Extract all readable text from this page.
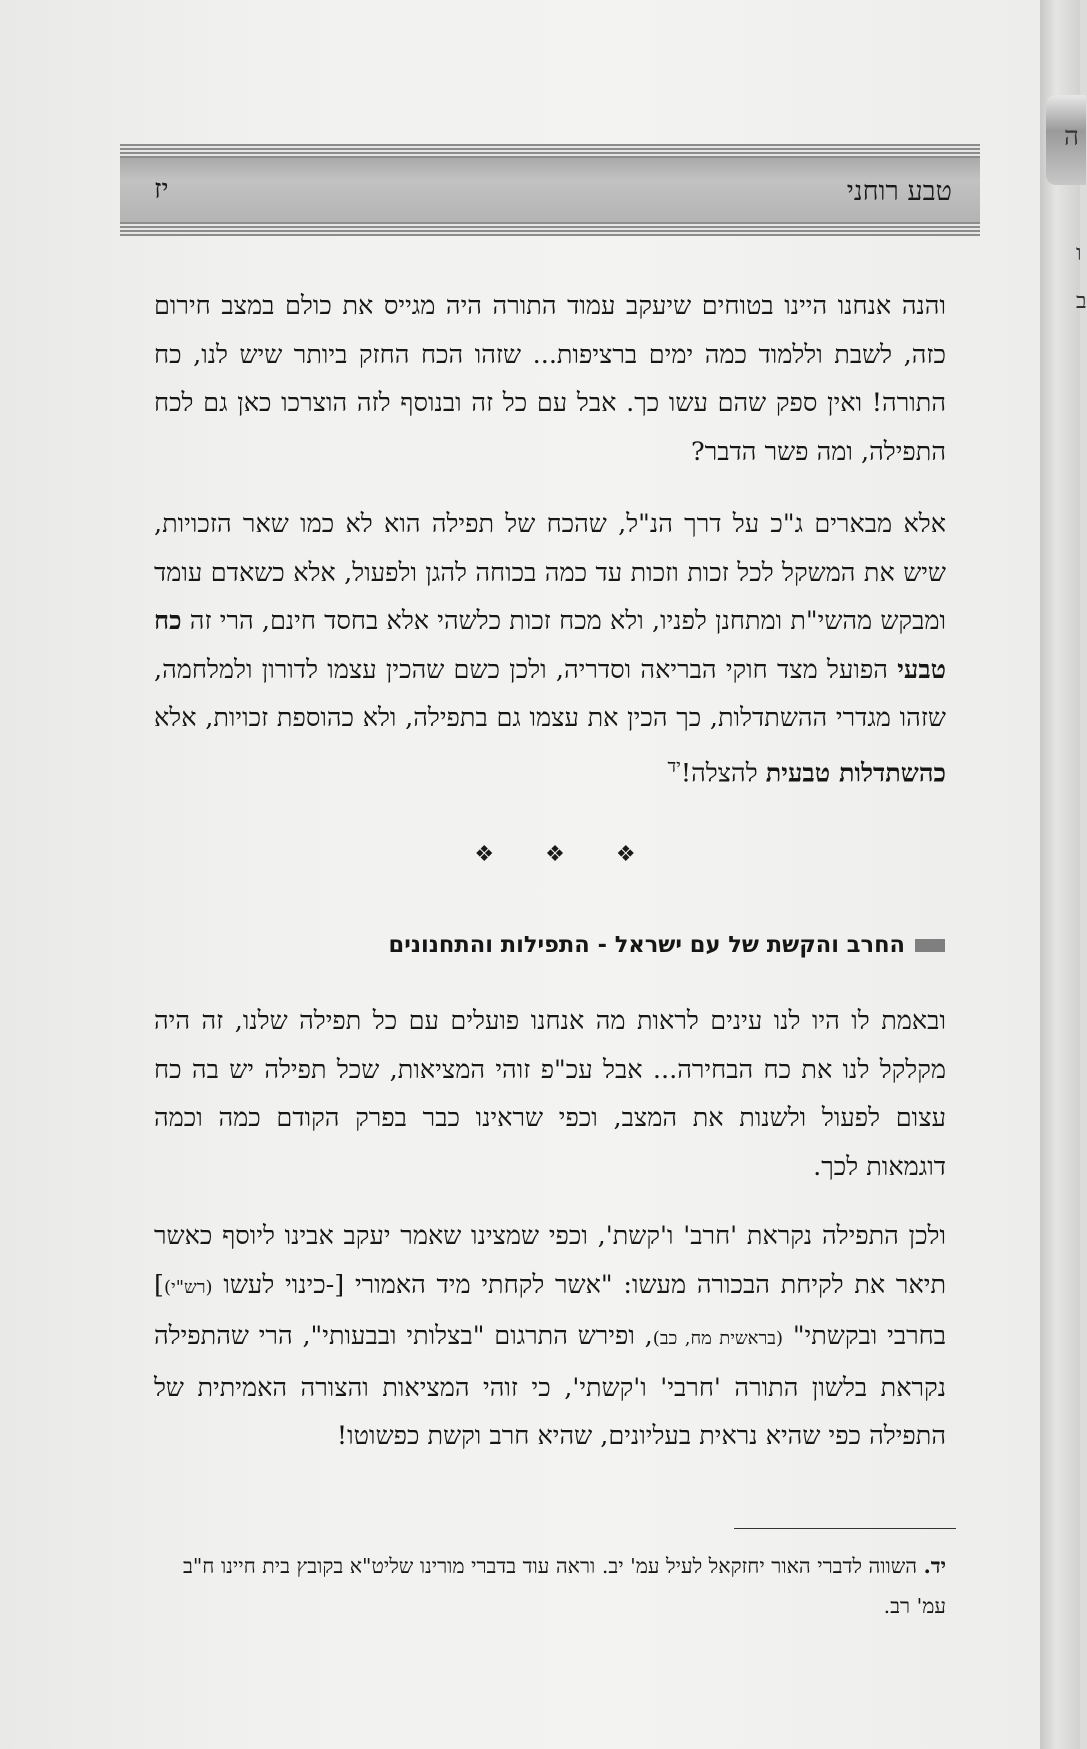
טבע רוחני
יז
והנה אנחנו היינו בטוחים שיעקב עמוד התורה היה מגייס את כולם במצב חירום כזה, לשבת וללמוד כמה ימים ברציפות... שזהו הכח החזק ביותר שיש לנו, כח התורה! ואין ספק שהם עשו כך. אבל עם כל זה ובנוסף לזה הוצרכו כאן גם לכח התפילה, ומה פשר הדבר?
אלא מבארים ג"כ על דרך הנ"ל, שהכח של תפילה הוא לא כמו שאר הזכויות, שיש את המשקל לכל זכות וזכות עד כמה בכוחה להגן ולפעול, אלא כשאדם עומד ומבקש מהשי"ת ומתחנן לפניו, ולא מכח זכות כלשהי אלא בחסד חינם, הרי זה כח טבעי הפועל מצד חוקי הבריאה וסדריה, ולכן כשם שהכין עצמו לדורון ולמלחמה, שזהו מגדרי ההשתדלות, כך הכין את עצמו גם בתפילה, ולא כהוספת זכויות, אלא כהשתדלות טבעית להצלה!$^{יד}$
❖ ❖ ❖
החרב והקשת של עם ישראל - התפילות והתחנונים
ובאמת לו היו לנו עינים לראות מה אנחנו פועלים עם כל תפילה שלנו, זה היה מקלקל לנו את כח הבחירה... אבל עכ"פ זוהי המציאות, שכל תפילה יש בה כח עצום לפעול ולשנות את המצב, וכפי שראינו כבר בפרק הקודם כמה וכמה דוגמאות לכך.
ולכן התפילה נקראת 'חרב' ו'קשת', וכפי שמצינו שאמר יעקב אבינו ליוסף כאשר תיאר את לקיחת הבכורה מעשו: "אשר לקחתי מיד האמורי [-כינוי לעשו (רש"י)] בחרבי ובקשתי" (בראשית מח, כב), ופירש התרגום "בצלותי ובבעותי", הרי שהתפילה נקראת בלשון התורה 'חרבי' ו'קשתי', כי זוהי המציאות והצורה האמיתית של התפילה כפי שהיא נראית בעליונים, שהיא חרב וקשת כפשוטו!
יד. השווה לדברי האור יחזקאל לעיל עמ' יב. וראה עוד בדברי מורינו שליט"א בקובץ בית חיינו ח"ב עמ' רב.
ה
ו
ב
